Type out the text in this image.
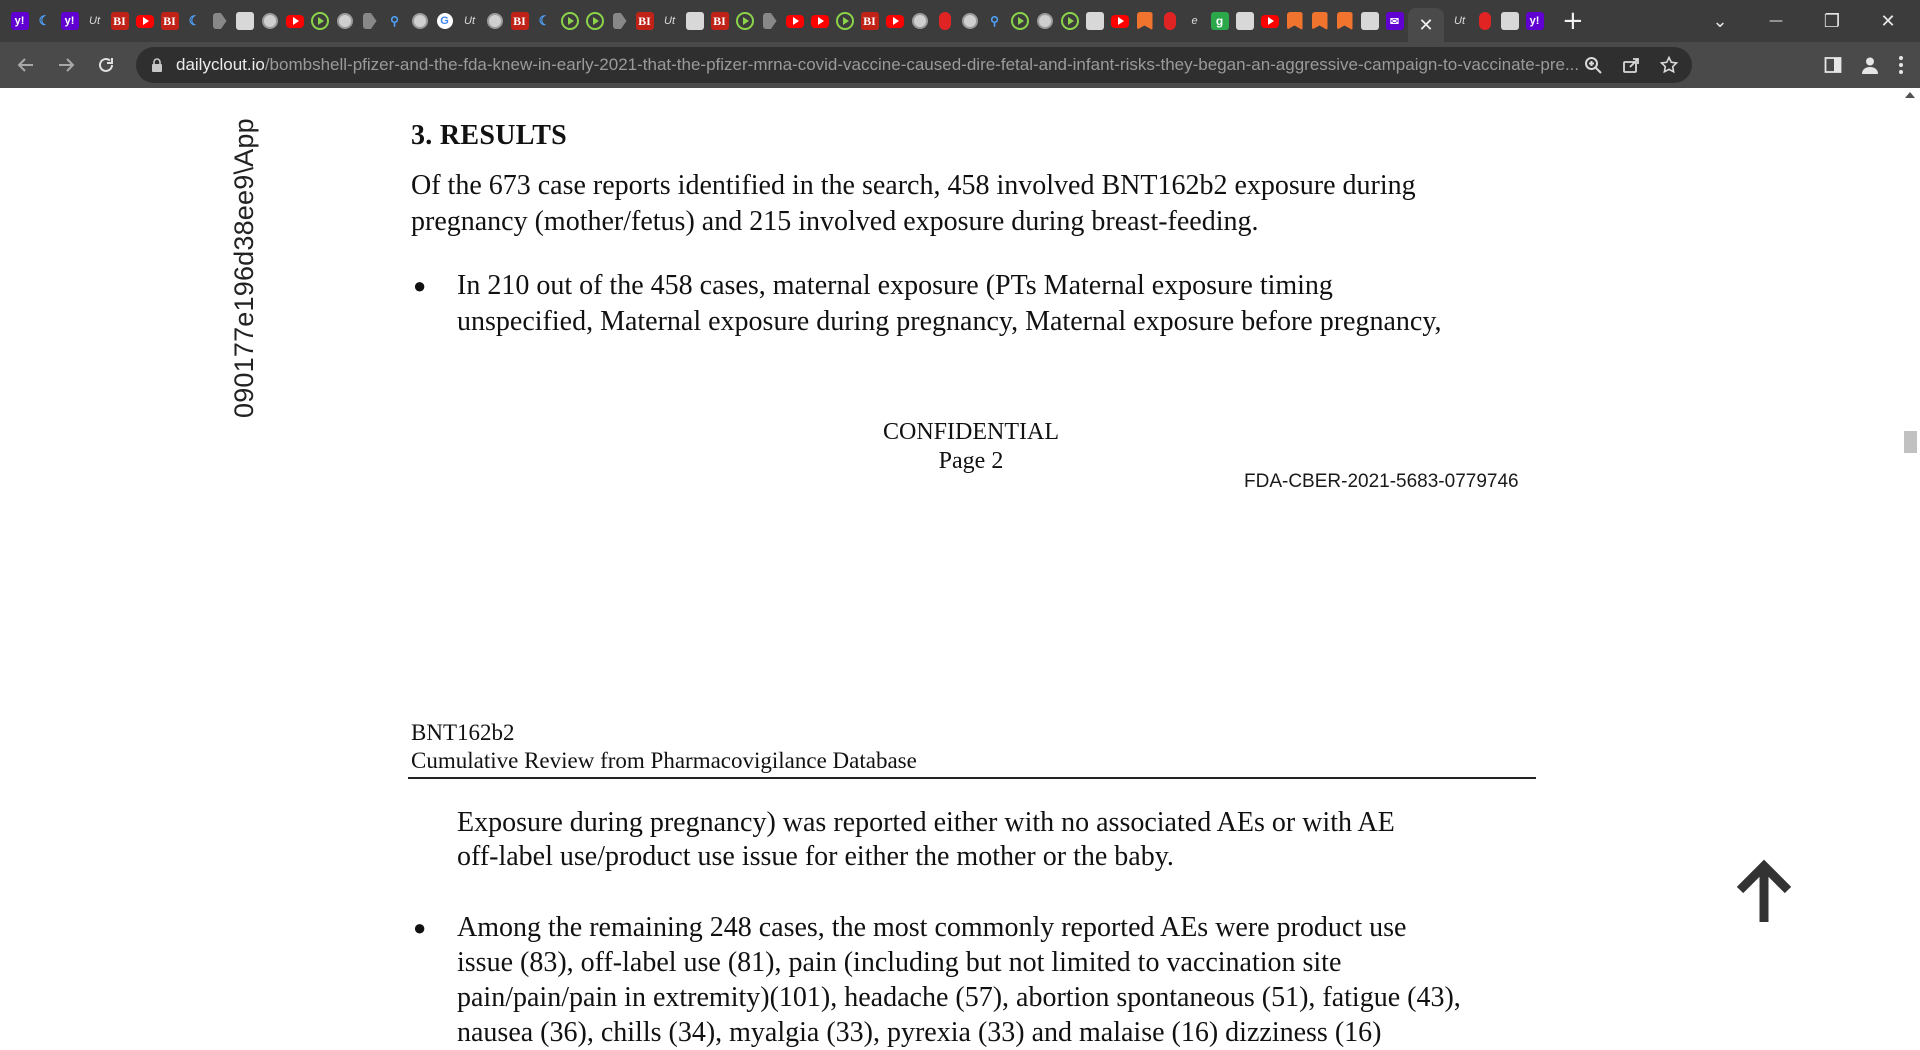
y!	☾	y!	Ut BI	BI ☾	⚲	G	Ut	BI ☾	BI	Ut	BI	BI	⚲	e	g	✉ ✕	Ut	y! +	⌄	— ❐ ✕
dailyclout.io/bombshell-pfizer-and-the-fda-knew-in-early-2021-that-the-pfizer-mrna-covid-vaccine-caused-dire-fetal-and-infant-risks-they-began-an-aggressive-campaign-to-vaccinate-pre...
090177e196d38ee9\App	3. RESULTS
Of the 673 case reports identified in the search, 458 involved BNT162b2 exposure during
pregnancy (mother/fetus) and 215 involved exposure during breast-feeding.
●	In 210 out of the 458 cases, maternal exposure (PTs Maternal exposure timing
unspecified, Maternal exposure during pregnancy, Maternal exposure before pregnancy,
CONFIDENTIAL
Page 2
FDA-CBER-2021-5683-0779746
BNT162b2
Cumulative Review from Pharmacovigilance Database
Exposure during pregnancy) was reported either with no associated AEs or with AE
off-label use/product use issue for either the mother or the baby.
●	Among the remaining 248 cases, the most commonly reported AEs were product use
issue (83), off-label use (81), pain (including but not limited to vaccination site
pain/pain/pain in extremity)(101), headache (57), abortion spontaneous (51), fatigue (43),
nausea (36), chills (34), myalgia (33), pyrexia (33) and malaise (16) dizziness (16)
